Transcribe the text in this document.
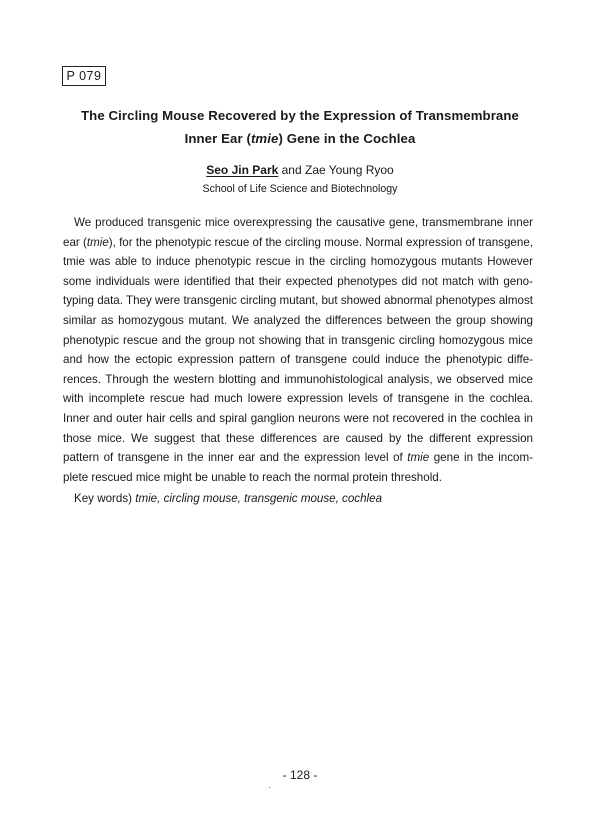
P 079
The Circling Mouse Recovered by the Expression of Transmembrane
Inner Ear (tmie) Gene in the Cochlea
Seo Jin Park and Zae Young Ryoo
School of Life Science and Biotechnology

We produced transgenic mice overexpressing the causative gene, transmembrane inner ear (tmie), for the phenotypic rescue of the circling mouse. Normal expression of transgene, tmie was able to induce phenotypic rescue in the circling homozygous mutants However some individuals were identified that their expected phenotypes did not match with geno-typing data. They were transgenic circling mutant, but showed abnormal phenotypes almost similar as homozygous mutant. We analyzed the differences between the group showing phenotypic rescue and the group not showing that in transgenic circling homozygous mice and how the ectopic expression pattern of transgene could induce the phenotypic diffe-rences. Through the western blotting and immunohistological analysis, we observed mice with incomplete rescue had much lowere expression levels of transgene in the cochlea. Inner and outer hair cells and spiral ganglion neurons were not recovered in the cochlea in those mice. We suggest that these differences are caused by the different expression pattern of transgene in the inner ear and the expression level of tmie gene in the incom-plete rescued mice might be unable to reach the normal protein threshold.

Key words) tmie, circling mouse, transgenic mouse, cochlea
- 128 -
